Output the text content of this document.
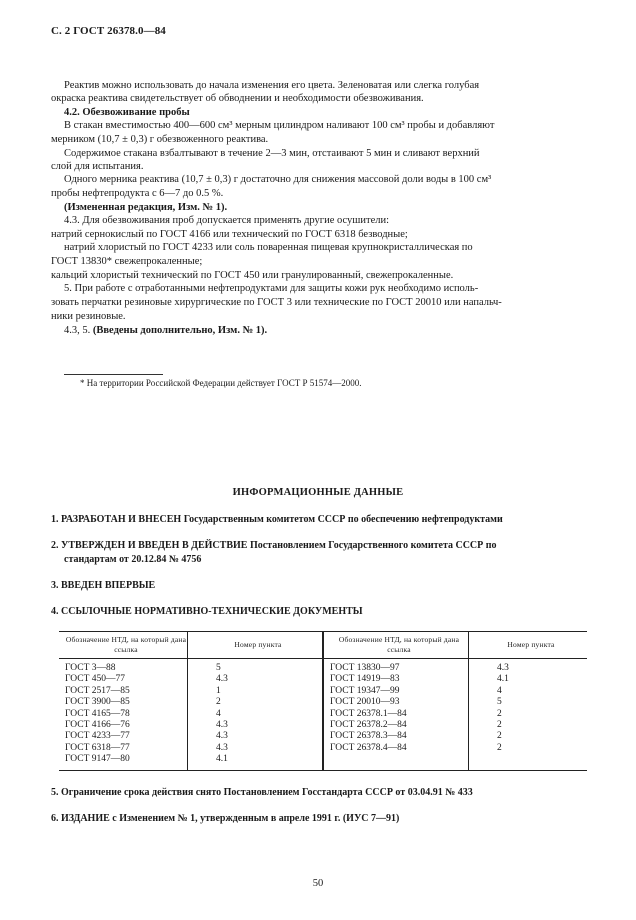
С. 2 ГОСТ 26378.0—84
Реактив можно использовать до начала изменения его цвета. Зеленоватая или слегка голубая
окраска реактива свидетельствует об обводнении и необходимости обезвоживания.
4.2. Обезвоживание пробы
В стакан вместимостью 400—600 см³ мерным цилиндром наливают 100 см³ пробы и добавляют
мерником (10,7 ± 0,3) г обезвоженного реактива.
Содержимое стакана взбалтывают в течение 2—3 мин, отстаивают 5 мин и сливают верхний
слой для испытания.
Одного мерника реактива (10,7 ± 0,3) г достаточно для снижения массовой доли воды в 100 см³
пробы нефтепродукта с 6—7 до 0.5 %.
(Измененная редакция, Изм. № 1).
4.3. Для обезвоживания проб допускается применять другие осушители:
натрий сернокислый по ГОСТ 4166 или технический по ГОСТ 6318 безводные;
натрий хлористый по ГОСТ 4233 или соль поваренная пищевая крупнокристаллическая по
ГОСТ 13830* свежепрокаленные;
кальций хлористый технический по ГОСТ 450 или гранулированный, свежепрокаленные.
5. При работе с отработанными нефтепродуктами для защиты кожи рук необходимо исполь-
зовать перчатки резиновые хирургические по ГОСТ 3 или технические по ГОСТ 20010 или напальч-
ники резиновые.
4.3, 5. (Введены дополнительно, Изм. № 1).
* На территории Российской Федерации действует ГОСТ Р 51574—2000.
ИНФОРМАЦИОННЫЕ ДАННЫЕ
1. РАЗРАБОТАН И ВНЕСЕН Государственным комитетом СССР по обеспечению нефтепродуктами
2. УТВЕРЖДЕН И ВВЕДЕН В ДЕЙСТВИЕ Постановлением Государственного комитета СССР по
стандартам от 20.12.84 № 4756
3. ВВЕДЕН ВПЕРВЫЕ
4. ССЫЛОЧНЫЕ НОРМАТИВНО-ТЕХНИЧЕСКИЕ ДОКУМЕНТЫ
Обозначение НТД, на который дана ссылка	Номер пункта	Обозначение НТД, на который дана ссылка	Номер пункта
ГОСТ 3—88	5	ГОСТ 13830—97	4.3
ГОСТ 450—77	4.3	ГОСТ 14919—83	4.1
ГОСТ 2517—85	1	ГОСТ 19347—99	4
ГОСТ 3900—85	2	ГОСТ 20010—93	5
ГОСТ 4165—78	4	ГОСТ 26378.1—84	2
ГОСТ 4166—76	4.3	ГОСТ 26378.2—84	2
ГОСТ 4233—77	4.3	ГОСТ 26378.3—84	2
ГОСТ 6318—77	4.3	ГОСТ 26378.4—84	2
ГОСТ 9147—80	4.1		
5. Ограничение срока действия снято Постановлением Госстандарта СССР от 03.04.91 № 433
6. ИЗДАНИЕ с Изменением № 1, утвержденным в апреле 1991 г. (ИУС 7—91)
50
